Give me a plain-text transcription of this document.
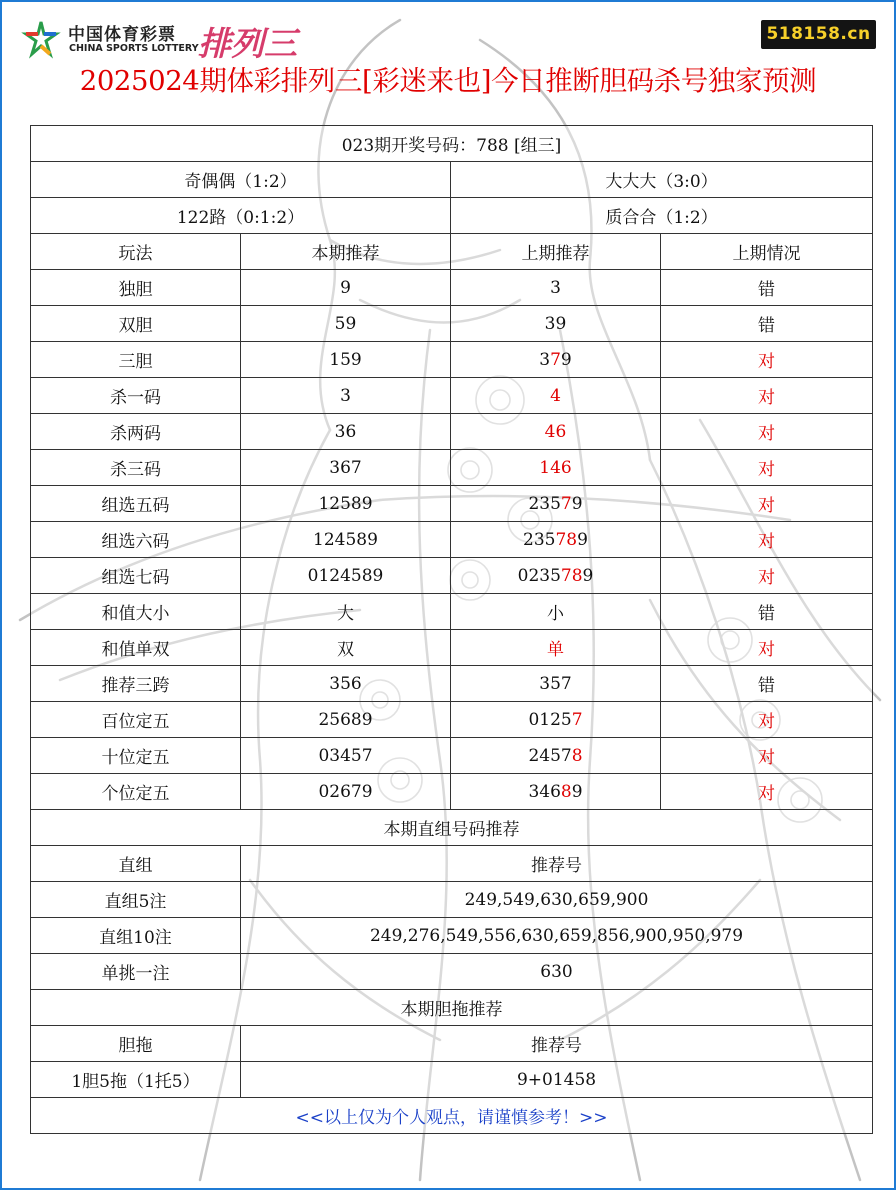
中国体育彩票
CHINA SPORTS LOTTERY 排列三	518158.cn
2025024期体彩排列三[彩迷来也]今日推断胆码杀号独家预测
023期开奖号码：788 [组三]			
奇偶偶（1:2）		大大大（3:0）	
122路（0:1:2）		质合合（1:2）	
玩法	本期推荐	上期推荐	上期情况
独胆	9	3	错
双胆	59	39	错
三胆	159	379	对
杀一码	3	4	对
杀两码	36	46	对
杀三码	367	146	对
组选五码	12589	23579	对
组选六码	124589	235789	对
组选七码	0124589	0235789	对
和值大小	大	小	错
和值单双	双	单	对
推荐三跨	356	357	错
百位定五	25689	01257	对
十位定五	03457	24578	对
个位定五	02679	34689	对
本期直组号码推荐			
直组	推荐号		
直组5注	249,549,630,659,900		
直组10注	249,276,549,556,630,659,856,900,950,979		
单挑一注	630		
本期胆拖推荐			
胆拖	推荐号		
1胆5拖（1托5）	9+01458		
<<以上仅为个人观点，请谨慎参考！>>			
